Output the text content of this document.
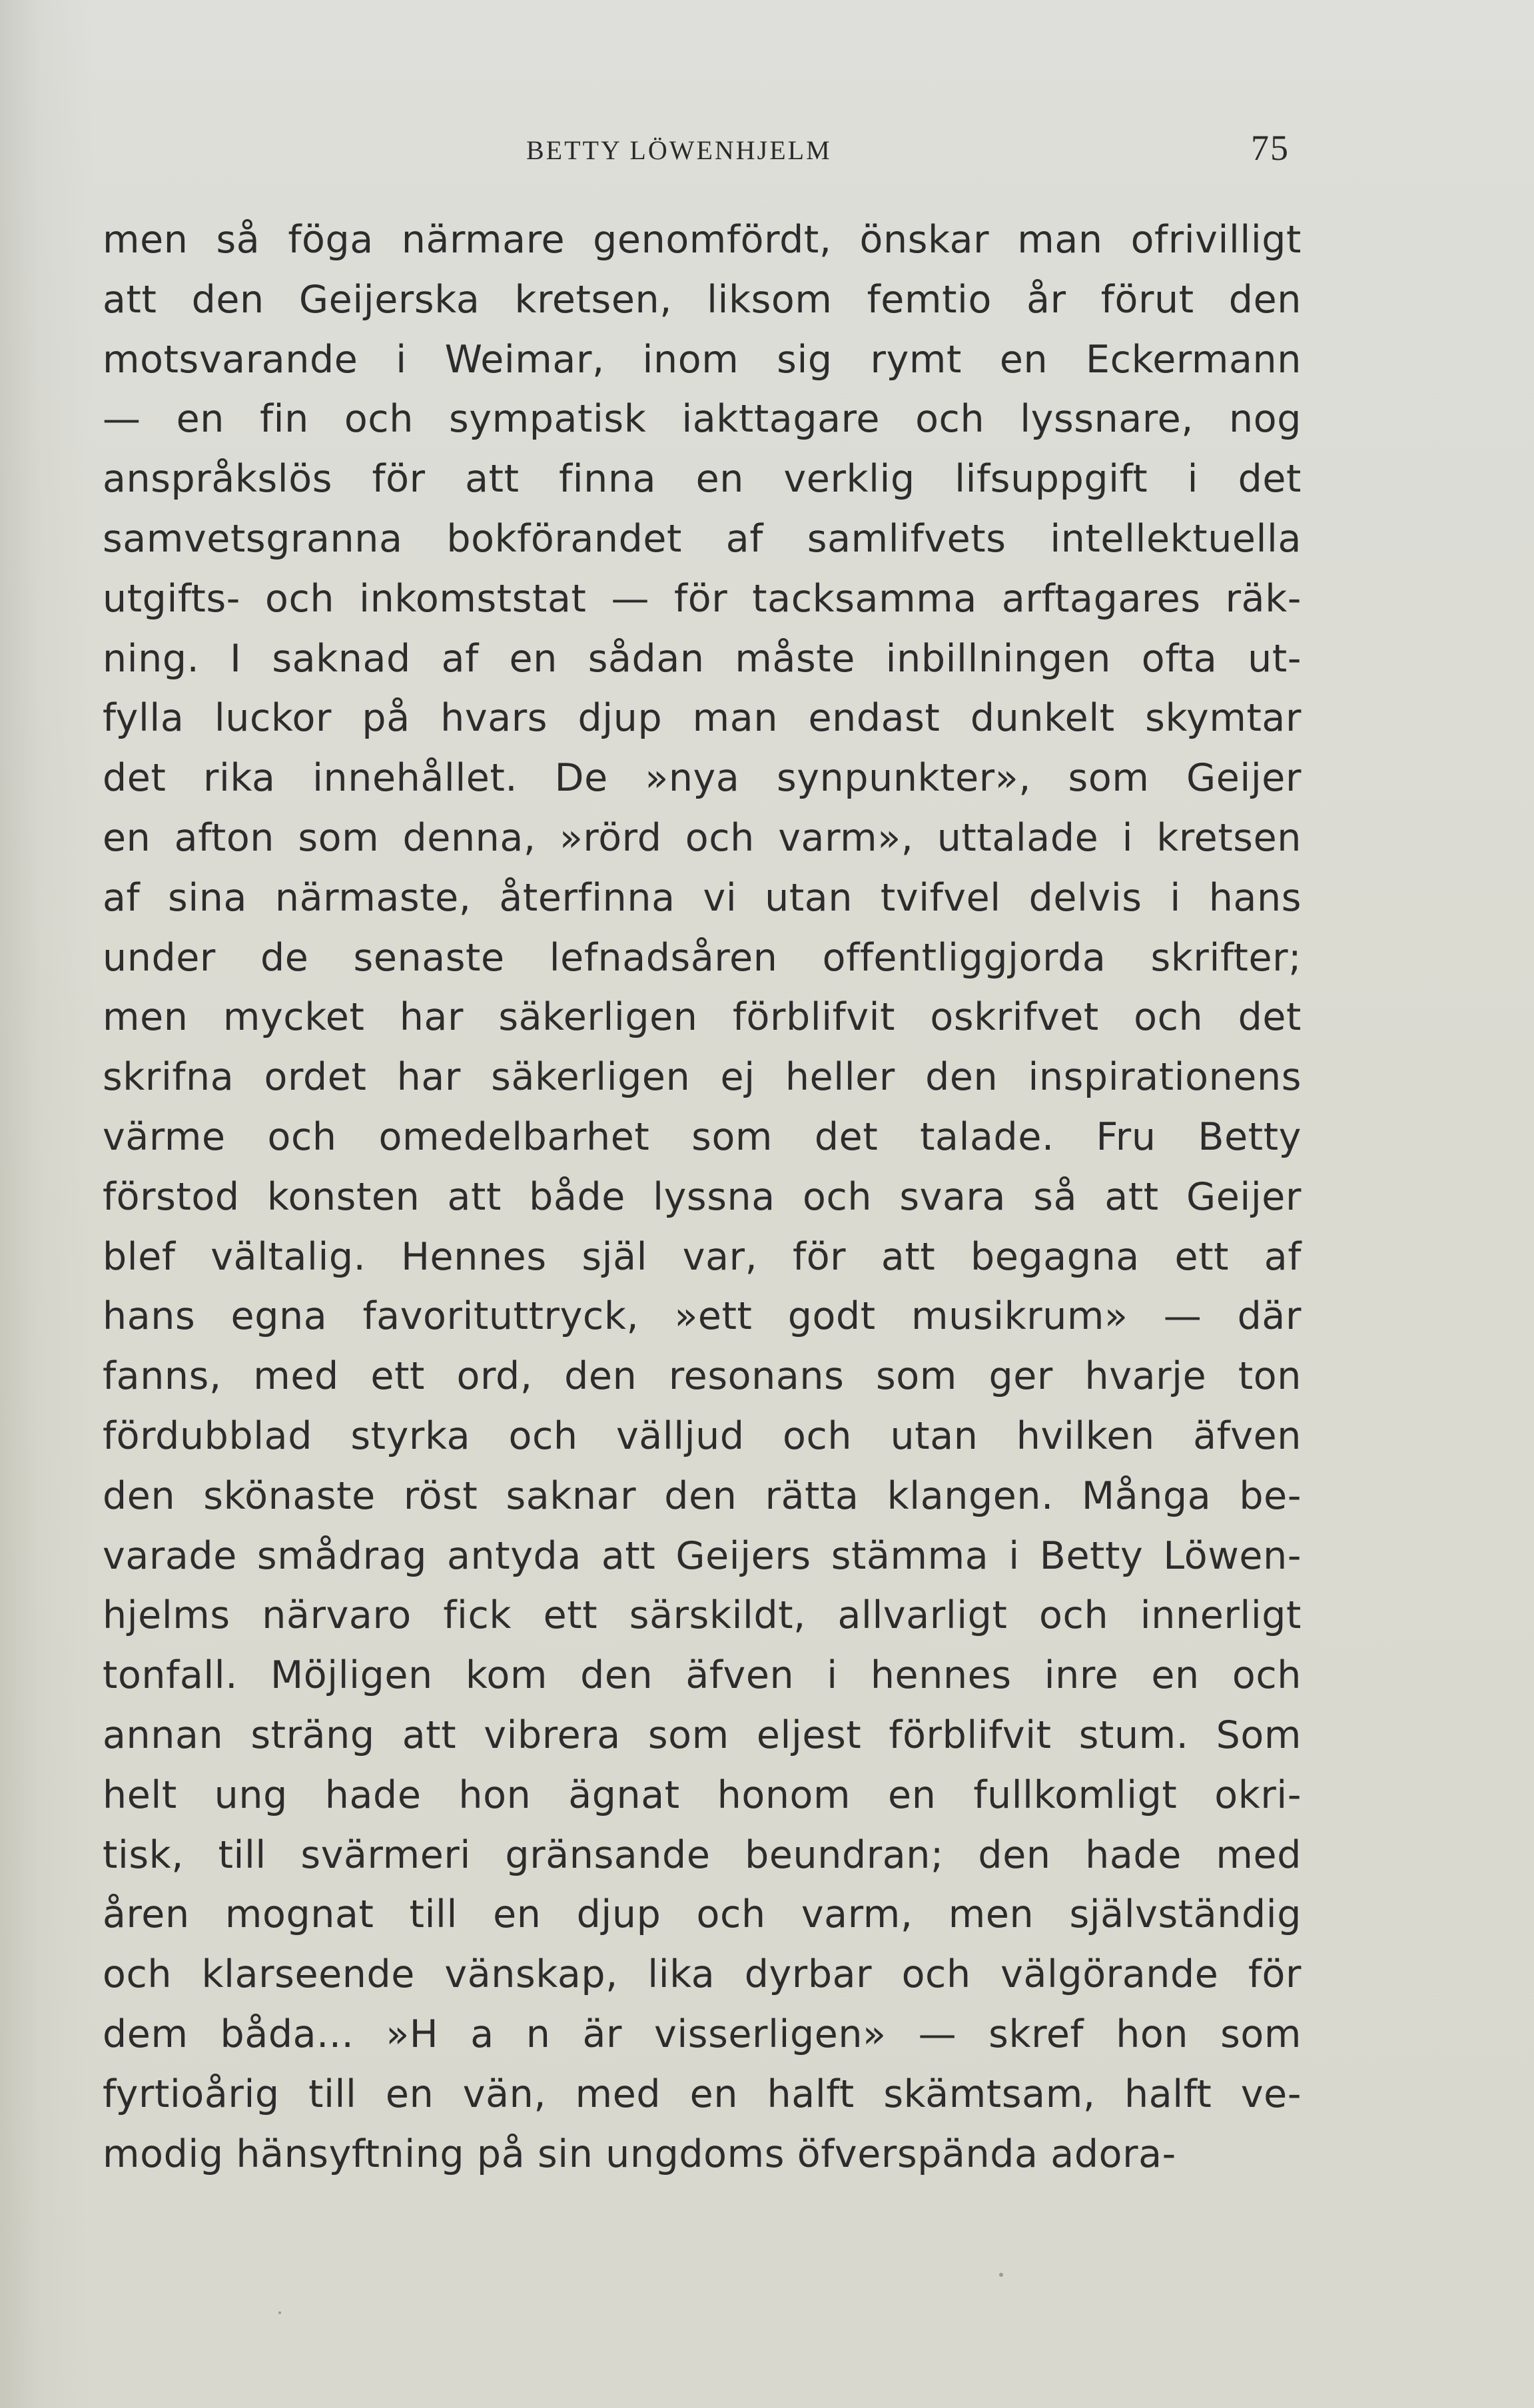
BETTY LÖWENHJELM	75
men så föga närmare genomfördt, önskar man ofrivilligt
att den Geijerska kretsen, liksom femtio år förut den
motsvarande i Weimar, inom sig rymt en Eckermann
— en fin och sympatisk iakttagare och lyssnare, nog
anspråkslös för att finna en verklig lifsuppgift i det
samvetsgranna bokförandet af samlifvets intellektuella
utgifts- och inkomststat — för tacksamma arftagares räk-
ning. I saknad af en sådan måste inbillningen ofta ut-
fylla luckor på hvars djup man endast dunkelt skymtar
det rika innehållet. De »nya synpunkter», som Geijer
en afton som denna, »rörd och varm», uttalade i kretsen
af sina närmaste, återfinna vi utan tvifvel delvis i hans
under de senaste lefnadsåren offentliggjorda skrifter;
men mycket har säkerligen förblifvit oskrifvet och det
skrifna ordet har säkerligen ej heller den inspirationens
värme och omedelbarhet som det talade. Fru Betty
förstod konsten att både lyssna och svara så att Geijer
blef vältalig. Hennes själ var, för att begagna ett af
hans egna favorituttryck, »ett godt musikrum» — där
fanns, med ett ord, den resonans som ger hvarje ton
fördubblad styrka och välljud och utan hvilken äfven
den skönaste röst saknar den rätta klangen. Många be-
varade smådrag antyda att Geijers stämma i Betty Löwen-
hjelms närvaro fick ett särskildt, allvarligt och innerligt
tonfall. Möjligen kom den äfven i hennes inre en och
annan sträng att vibrera som eljest förblifvit stum. Som
helt ung hade hon ägnat honom en fullkomligt okri-
tisk, till svärmeri gränsande beundran; den hade med
åren mognat till en djup och varm, men självständig
och klarseende vänskap, lika dyrbar och välgörande för
dem båda... »H a n är visserligen» — skref hon som
fyrtioårig till en vän, med en halft skämtsam, halft ve-
modig hänsyftning på sin ungdoms öfverspända adora-
